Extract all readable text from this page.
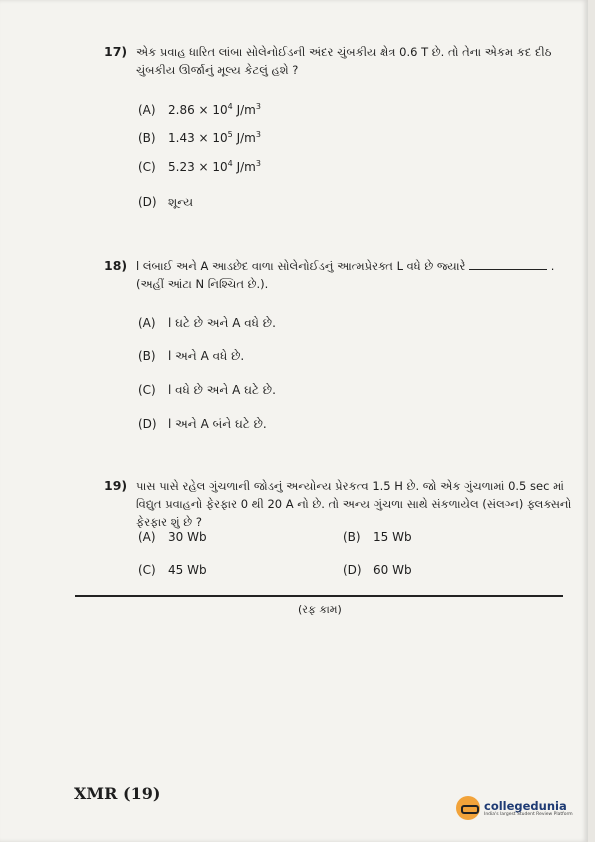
17) એક પ્રવાહ ધારિત લાંબા સોલેનોઈડની અંદર ચુંબકીય ક્ષેત્ર 0.6 T છે. તો તેના એકમ કદ દીઠ ચુંબકીય ઊર્જાનું મૂલ્ય કેટલું હશે ?
(A) $2.86 \times 10^4$ $J/m^3$
(B) $1.43 \times 10^5$ $J/m^3$
(C) $5.23 \times 10^4$ $J/m^3$
(D) શૂન્ય
18) l લંબાઈ અને A આડછેદ વાળા સોલેનોઈડનું આત્મપ્રેરક્ત L વધે છે જ્યારે	. (અહીં આંટા N નિશ્ચિત છે.).
(A) l ઘટે છે અને A વધે છે.
(B) l અને A વધે છે.
(C) l વધે છે અને A ઘટે છે.
(D) l અને A બંને ઘટે છે.
19) પાસ પાસે રહેલ ગુંચળાની જોડનું અન્યોન્ય પ્રેરકત્વ 1.5 H છે. જો એક ગુંચળામાં 0.5 sec માં વિદ્યુત પ્રવાહનો ફેરફાર 0 થી 20 A નો છે. તો અન્ય ગુંચળા સાથે સંકળાયેલ (સંલગ્ન) ફ્લક્સનો ફેરફાર શું છે ?
(A) 30 Wb	(B) 15 Wb
(C) 45 Wb	(D) 60 Wb
(રફ કામ)
XMR (19)
collegedunia
India's largest Student Review Platform
